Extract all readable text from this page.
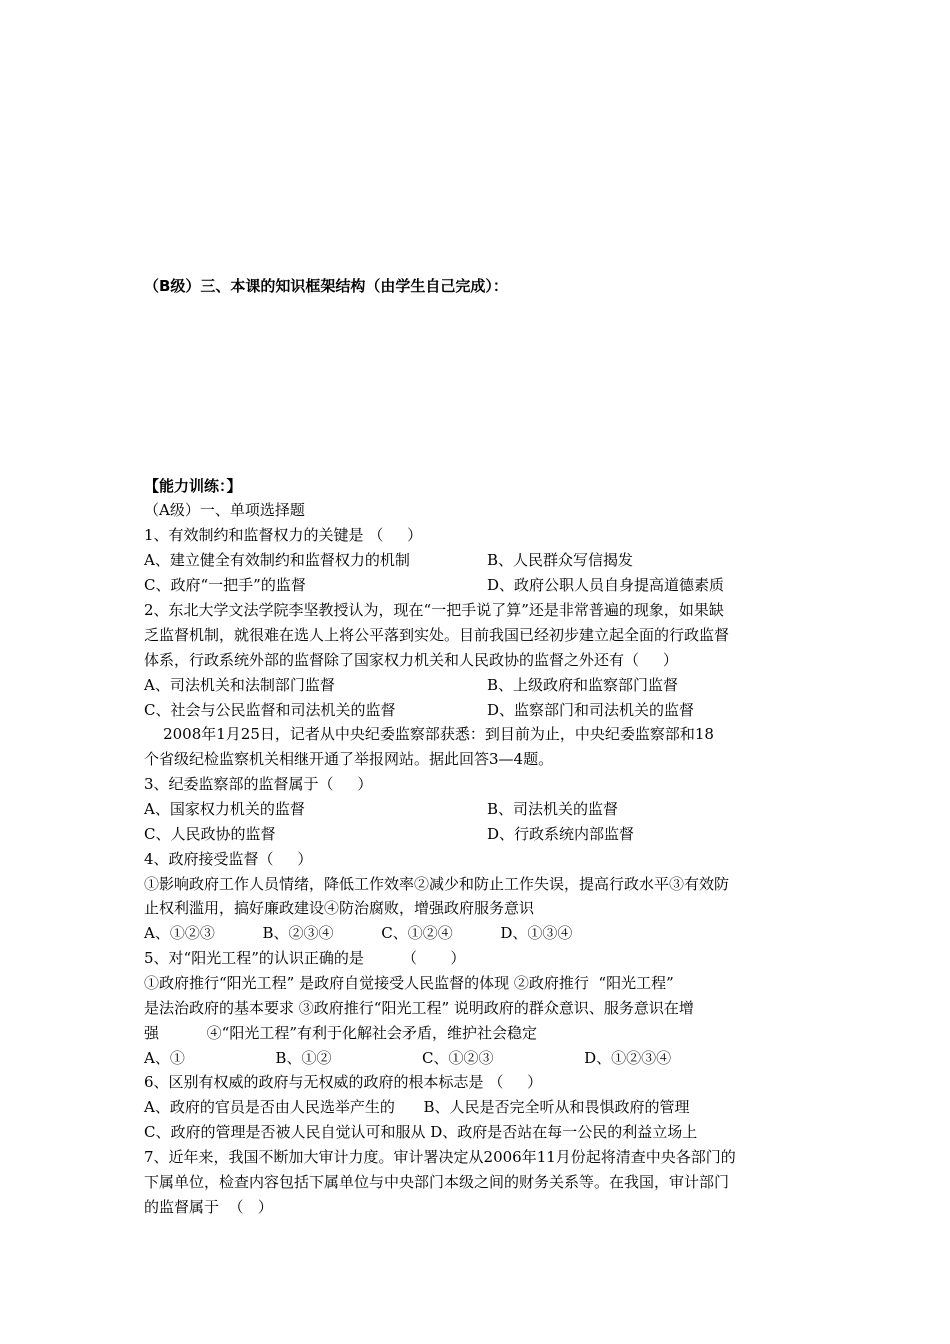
（B级）三、本课的知识框架结构（由学生自己完成）：
【能力训练：】
（A级）一、单项选择题
1、有效制约和监督权力的关键是 （     ）
A、建立健全有效制约和监督权力的机制	B、人民群众写信揭发
C、政府“一把手”的监督	D、政府公职人员自身提高道德素质
2、东北大学文法学院李坚教授认为，现在“一把手说了算”还是非常普遍的现象，如果缺
乏监督机制，就很难在选人上将公平落到实处。目前我国已经初步建立起全面的行政监督
体系，行政系统外部的监督除了国家权力机关和人民政协的监督之外还有（     ）
A、司法机关和法制部门监督	B、上级政府和监察部门监督
C、社会与公民监督和司法机关的监督	D、监察部门和司法机关的监督
2008年1月25日，记者从中央纪委监察部获悉：到目前为止，中央纪委监察部和18
个省级纪检监察机关相继开通了举报网站。据此回答3—4题。
3、纪委监察部的监督属于（     ）
A、国家权力机关的监督	B、司法机关的监督
C、人民政协的监督	D、行政系统内部监督
4、政府接受监督（     ）
①影响政府工作人员情绪，降低工作效率②减少和防止工作失误，提高行政水平③有效防
止权利滥用，搞好廉政建设④防治腐败，增强政府服务意识
A、①②③          B、②③④          C、①②④          D、①③④
5、对“阳光工程”的认识正确的是        （       ）
①政府推行“阳光工程” 是政府自觉接受人民监督的体现 ②政府推行  “阳光工程”
是法治政府的基本要求 ③政府推行“阳光工程” 说明政府的群众意识、服务意识在增
强          ④“阳光工程”有利于化解社会矛盾，维护社会稳定
A、①                   B、①②                   C、①②③                   D、①②③④
6、区别有权威的政府与无权威的政府的根本标志是 （     ）
A、政府的官员是否由人民选举产生的      B、人民是否完全听从和畏惧政府的管理
C、政府的管理是否被人民自觉认可和服从 D、政府是否站在每一公民的利益立场上
7、近年来，我国不断加大审计力度。审计署决定从2006年11月份起将清查中央各部门的
下属单位，检查内容包括下属单位与中央部门本级之间的财务关系等。在我国，审计部门
的监督属于  （   ）
